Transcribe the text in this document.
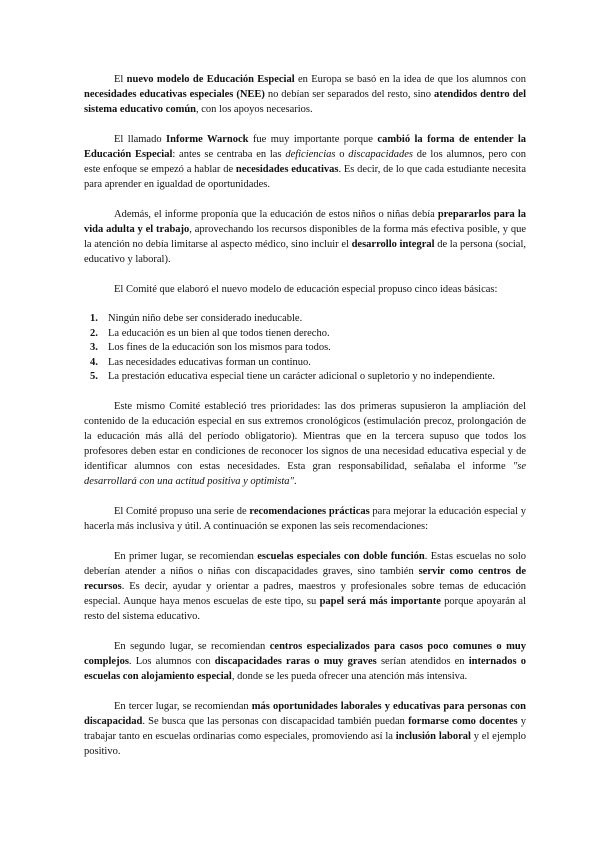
El nuevo modelo de Educación Especial en Europa se basó en la idea de que los alumnos con necesidades educativas especiales (NEE) no debían ser separados del resto, sino atendidos dentro del sistema educativo común, con los apoyos necesarios.

El llamado Informe Warnock fue muy importante porque cambió la forma de entender la Educación Especial: antes se centraba en las deficiencias o discapacidades de los alumnos, pero con este enfoque se empezó a hablar de necesidades educativas. Es decir, de lo que cada estudiante necesita para aprender en igualdad de oportunidades.

Además, el informe proponía que la educación de estos niños o niñas debía prepararlos para la vida adulta y el trabajo, aprovechando los recursos disponibles de la forma más efectiva posible, y que la atención no debía limitarse al aspecto médico, sino incluir el desarrollo integral de la persona (social, educativo y laboral).

El Comité que elaboró el nuevo modelo de educación especial propuso cinco ideas básicas:

1. Ningún niño debe ser considerado ineducable.
2. La educación es un bien al que todos tienen derecho.
3. Los fines de la educación son los mismos para todos.
4. Las necesidades educativas forman un continuo.
5. La prestación educativa especial tiene un carácter adicional o supletorio y no independiente.

Este mismo Comité estableció tres prioridades: las dos primeras supusieron la ampliación del contenido de la educación especial en sus extremos cronológicos (estimulación precoz, prolongación de la educación más allá del período obligatorio). Mientras que en la tercera supuso que todos los profesores deben estar en condiciones de reconocer los signos de una necesidad educativa especial y de identificar alumnos con estas necesidades. Esta gran responsabilidad, señalaba el informe "se desarrollará con una actitud positiva y optimista".

El Comité propuso una serie de recomendaciones prácticas para mejorar la educación especial y hacerla más inclusiva y útil. A continuación se exponen las seis recomendaciones:

En primer lugar, se recomiendan escuelas especiales con doble función. Estas escuelas no solo deberían atender a niños o niñas con discapacidades graves, sino también servir como centros de recursos. Es decir, ayudar y orientar a padres, maestros y profesionales sobre temas de educación especial. Aunque haya menos escuelas de este tipo, su papel será más importante porque apoyarán al resto del sistema educativo.

En segundo lugar, se recomiendan centros especializados para casos poco comunes o muy complejos. Los alumnos con discapacidades raras o muy graves serían atendidos en internados o escuelas con alojamiento especial, donde se les pueda ofrecer una atención más intensiva.

En tercer lugar, se recomiendan más oportunidades laborales y educativas para personas con discapacidad. Se busca que las personas con discapacidad también puedan formarse como docentes y trabajar tanto en escuelas ordinarias como especiales, promoviendo así la inclusión laboral y el ejemplo positivo.
